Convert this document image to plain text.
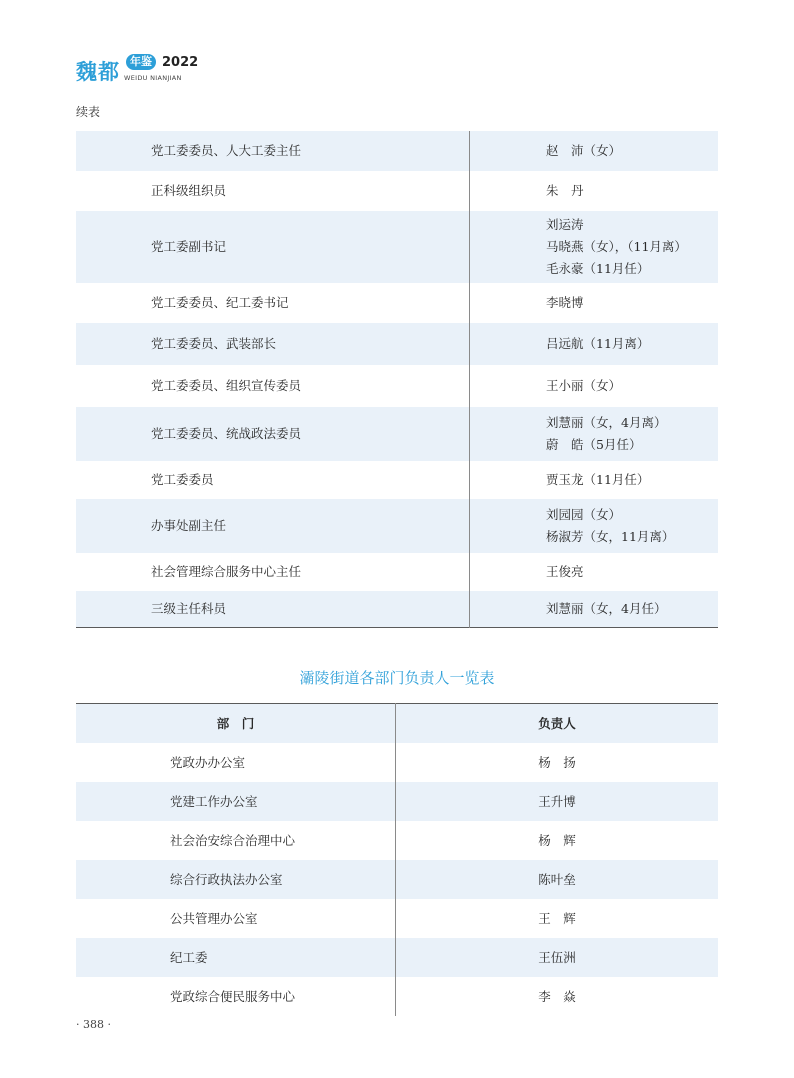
魏都 年鉴 2022
WEIDU NIANJIAN
续表
党工委委员、人大工委主任	赵　沛（女）
正科级组织员	朱　丹
党工委副书记	刘运涛
马晓燕（女），（11月离）
毛永豪（11月任）
党工委委员、纪工委书记	李晓博
党工委委员、武装部长	吕远航（11月离）
党工委委员、组织宣传委员	王小丽（女）
党工委委员、统战政法委员	刘慧丽（女，4月离）
蔚　皓（5月任）
党工委委员	贾玉龙（11月任）
办事处副主任	刘园园（女）
杨淑芳（女，11月离）
社会管理综合服务中心主任	王俊亮
三级主任科员	刘慧丽（女，4月任）
灞陵街道各部门负责人一览表
部　门	负责人
党政办办公室	杨　扬
党建工作办公室	王升博
社会治安综合治理中心	杨　辉
综合行政执法办公室	陈叶垒
公共管理办公室	王　辉
纪工委	王伍洲
党政综合便民服务中心	李　焱
· 388 ·
